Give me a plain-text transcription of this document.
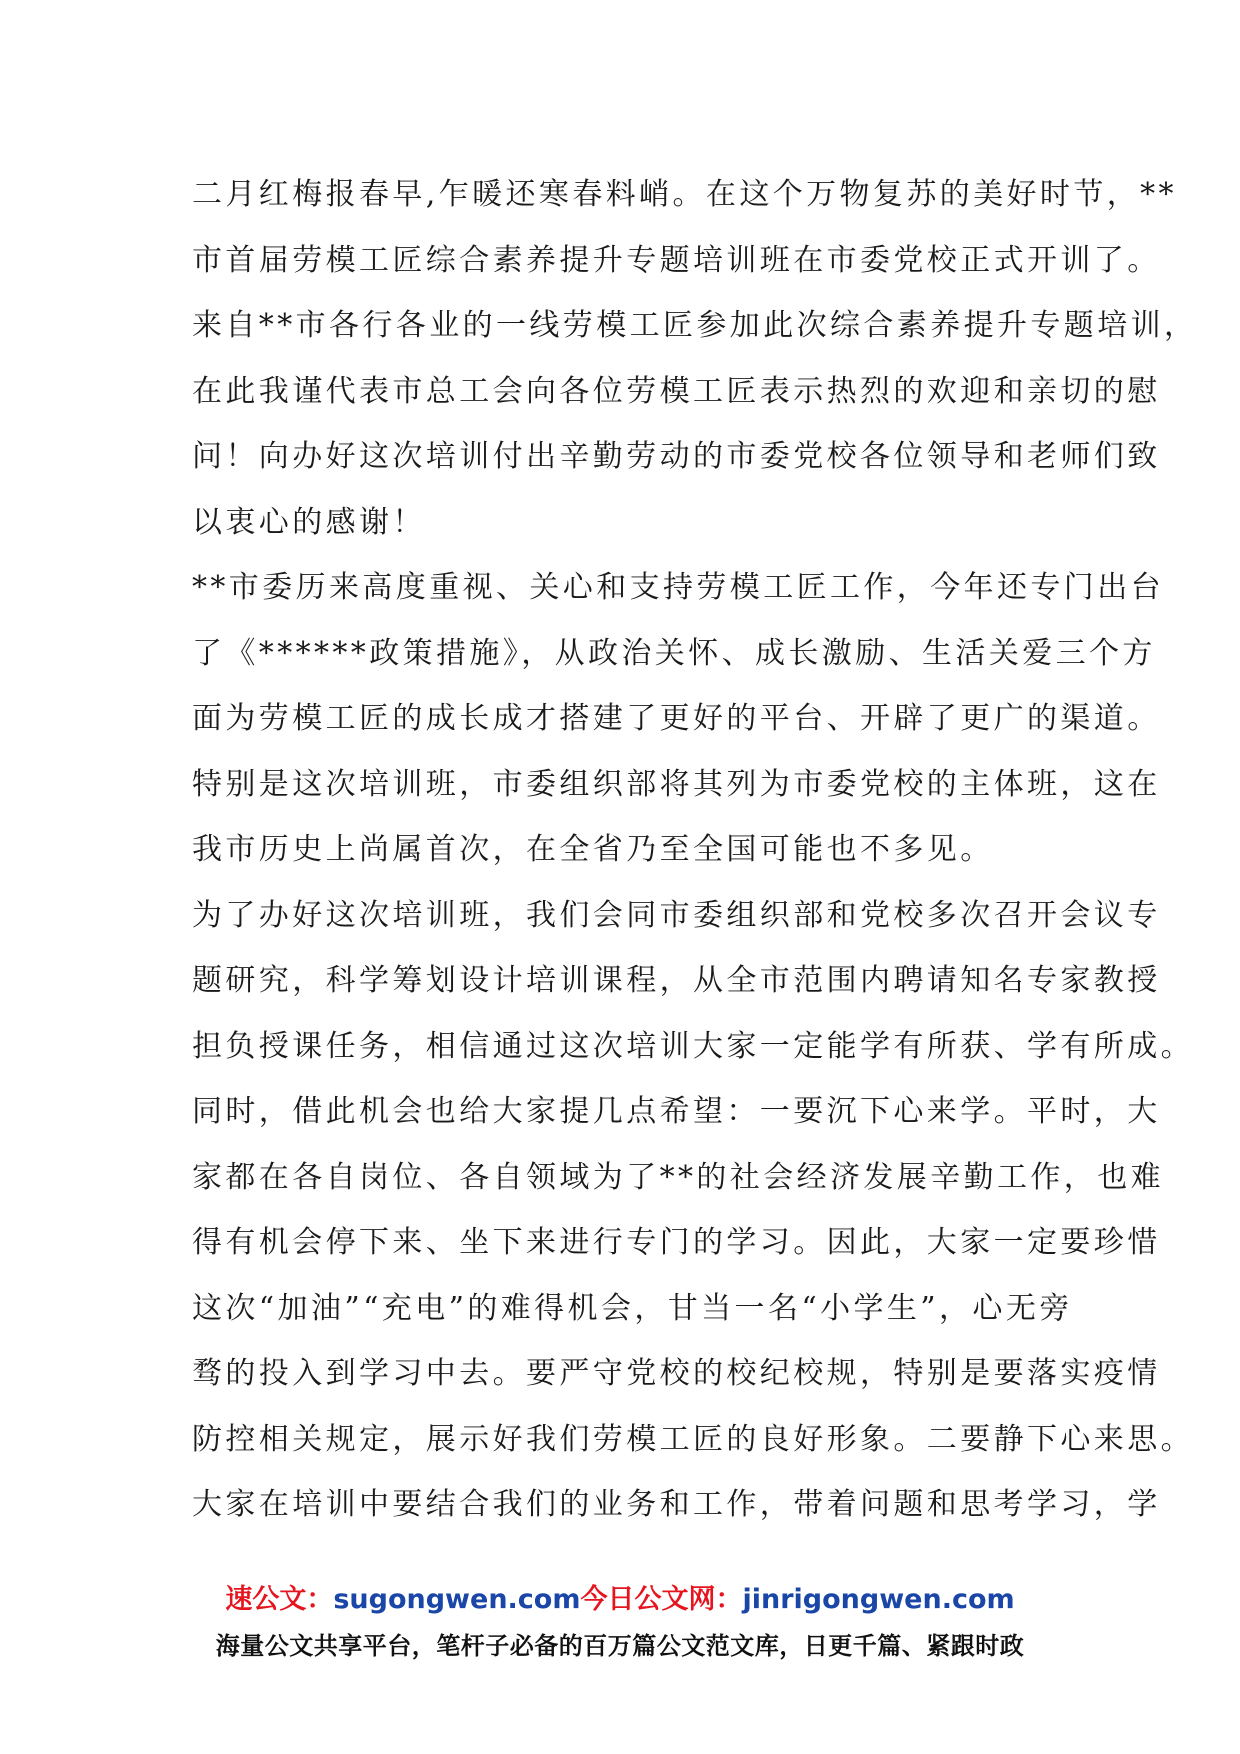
二月红梅报春早,乍暖还寒春料峭。在这个万物复苏的美好时节，**
市首届劳模工匠综合素养提升专题培训班在市委党校正式开训了。
来自**市各行各业的一线劳模工匠参加此次综合素养提升专题培训，
在此我谨代表市总工会向各位劳模工匠表示热烈的欢迎和亲切的慰
问！向办好这次培训付出辛勤劳动的市委党校各位领导和老师们致
以衷心的感谢！
**市委历来高度重视、关心和支持劳模工匠工作，今年还专门出台
了《******政策措施》，从政治关怀、成长激励、生活关爱三个方
面为劳模工匠的成长成才搭建了更好的平台、开辟了更广的渠道。
特别是这次培训班，市委组织部将其列为市委党校的主体班，这在
我市历史上尚属首次，在全省乃至全国可能也不多见。
为了办好这次培训班，我们会同市委组织部和党校多次召开会议专
题研究，科学筹划设计培训课程，从全市范围内聘请知名专家教授
担负授课任务，相信通过这次培训大家一定能学有所获、学有所成。
同时，借此机会也给大家提几点希望：一要沉下心来学。平时，大
家都在各自岗位、各自领域为了**的社会经济发展辛勤工作，也难
得有机会停下来、坐下来进行专门的学习。因此，大家一定要珍惜
这次“加油”“充电”的难得机会，甘当一名“小学生”，心无旁
骛的投入到学习中去。要严守党校的校纪校规，特别是要落实疫情
防控相关规定，展示好我们劳模工匠的良好形象。二要静下心来思。
大家在培训中要结合我们的业务和工作，带着问题和思考学习，学
速公文：sugongwen.com今日公文网：jinrigongwen.com
海量公文共享平台，笔杆子必备的百万篇公文范文库，日更千篇、紧跟时政
